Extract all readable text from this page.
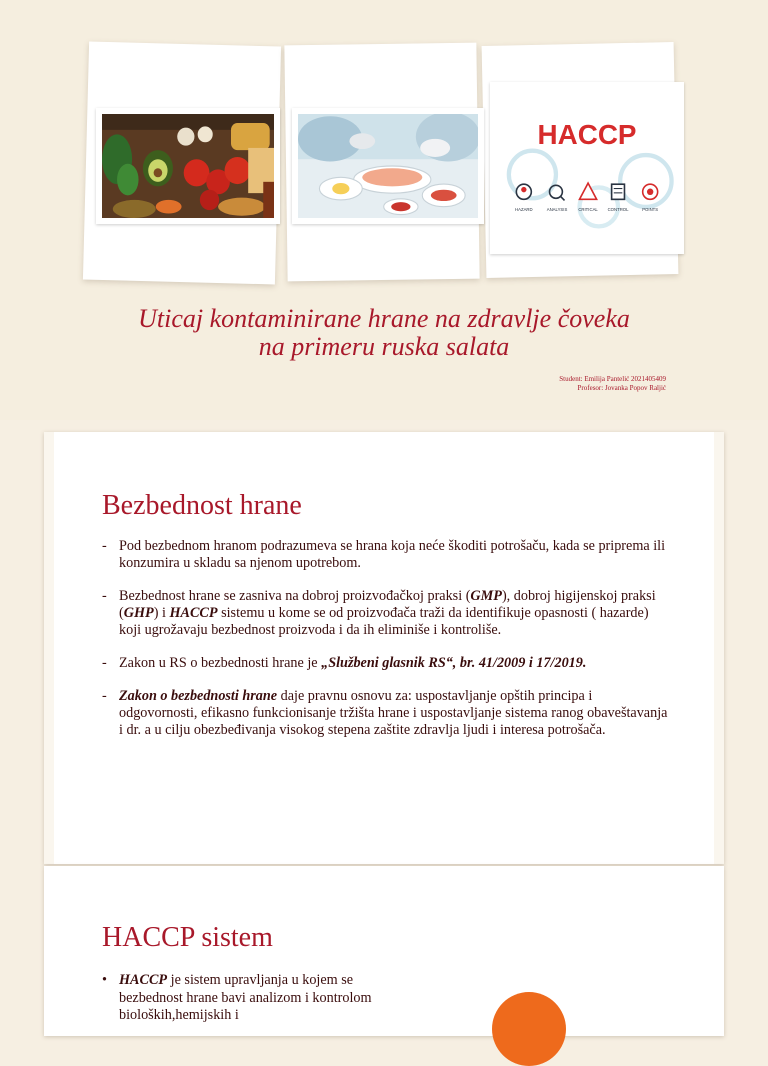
HACCP
HAZARD	ANALYSIS	CRITICAL CONTROL	POINTS
Uticaj kontaminirane hrane na zdravlje čoveka
na primeru ruska salata
Student: Emilija Pantelić 2021405409
Profesor: Jovanka Popov Raljić
Bezbednost hrane
- Pod bezbednom hranom podrazumeva se hrana koja neće škoditi potrošaču, kada se priprema ili konzumira u skladu sa njenom upotrebom.
- Bezbednost hrane se zasniva na dobroj proizvođačkoj praksi (GMP), dobroj higijenskoj praksi (GHP) i HACCP sistemu u kome se od proizvođača traži da identifikuje opasnosti ( hazarde) koji ugrožavaju bezbednost proizvoda i da ih eliminiše i kontroliše.
- Zakon u RS o bezbednosti hrane je „Službeni glasnik RS“, br. 41/2009 i 17/2019.
- Zakon o bezbednosti hrane daje pravnu osnovu za: uspostavljanje opštih principa i odgovornosti, efikasno funkcionisanje tržišta hrane i uspostavljanje sistema ranog obaveštavanja i dr. a u cilju obezbeđivanja visokog stepena zaštite zdravlja ljudi i interesa potrošača.
HACCP sistem
• HACCP je sistem upravljanja u kojem se bezbednost hrane bavi analizom i kontrolom bioloških,hemijskih i
